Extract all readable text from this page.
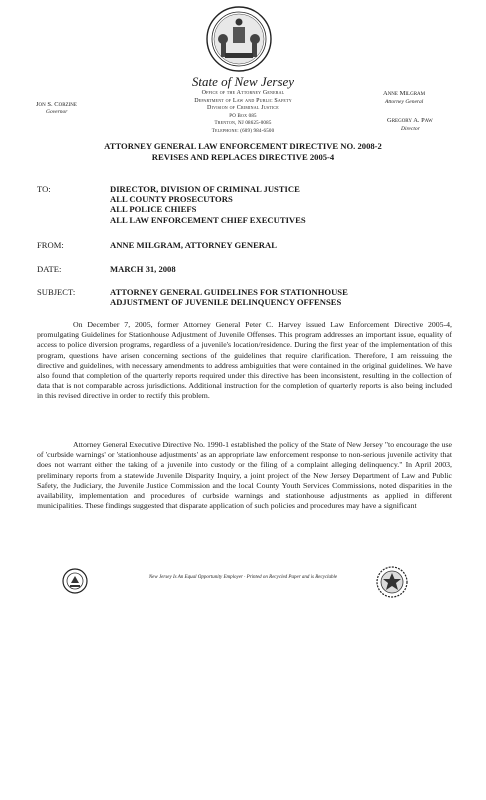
State of New Jersey
Office of the Attorney General
Department of Law and Public Safety
Division of Criminal Justice
PO Box 085
Trenton, NJ 08625-0085
Telephone: (609) 984-6500
Jon S. Corzine
Governor
Anne Milgram
Attorney General
Gregory A. Paw
Director
ATTORNEY GENERAL LAW ENFORCEMENT DIRECTIVE NO. 2008-2
REVISES AND REPLACES DIRECTIVE 2005-4
TO:	DIRECTOR, DIVISION OF CRIMINAL JUSTICE
ALL COUNTY PROSECUTORS
ALL POLICE CHIEFS
ALL LAW ENFORCEMENT CHIEF EXECUTIVES
FROM:	ANNE MILGRAM, ATTORNEY GENERAL
DATE:	MARCH 31, 2008
SUBJECT:	ATTORNEY GENERAL GUIDELINES FOR STATIONHOUSE
ADJUSTMENT OF JUVENILE DELINQUENCY OFFENSES

On December 7, 2005, former Attorney General Peter C. Harvey issued Law Enforcement Directive 2005-4, promulgating Guidelines for Stationhouse Adjustment of Juvenile Offenses. This program addresses an important issue, equality of access to police diversion programs, regardless of a juvenile's location/residence. During the first year of the implementation of this program, questions have arisen concerning sections of the guidelines that require clarification. Therefore, I am reissuing the directive and guidelines, with necessary amendments to address ambiguities that were contained in the original guidelines. We have also found that completion of the quarterly reports required under this directive has been inconsistent, resulting in the collection of data that is not comparable across jurisdictions. Additional instruction for the completion of quarterly reports is also being included in this revised directive in order to rectify this problem.

Attorney General Executive Directive No. 1990-1 established the policy of the State of New Jersey "to encourage the use of 'curbside warnings' or 'stationhouse adjustments' as an appropriate law enforcement response to non-serious juvenile activity that does not warrant either the taking of a juvenile into custody or the filing of a complaint alleging delinquency." In April 2003, preliminary reports from a statewide Juvenile Disparity Inquiry, a joint project of the New Jersey Department of Law and Public Safety, the Judiciary, the Juvenile Justice Commission and the local County Youth Services Commissions, noted disparities in the availability, implementation and procedures of curbside warnings and stationhouse adjustments as applied in different municipalities. These findings suggested that disparate application of such policies and procedures may have a significant

New Jersey Is An Equal Opportunity Employer · Printed on Recycled Paper and is Recyclable
